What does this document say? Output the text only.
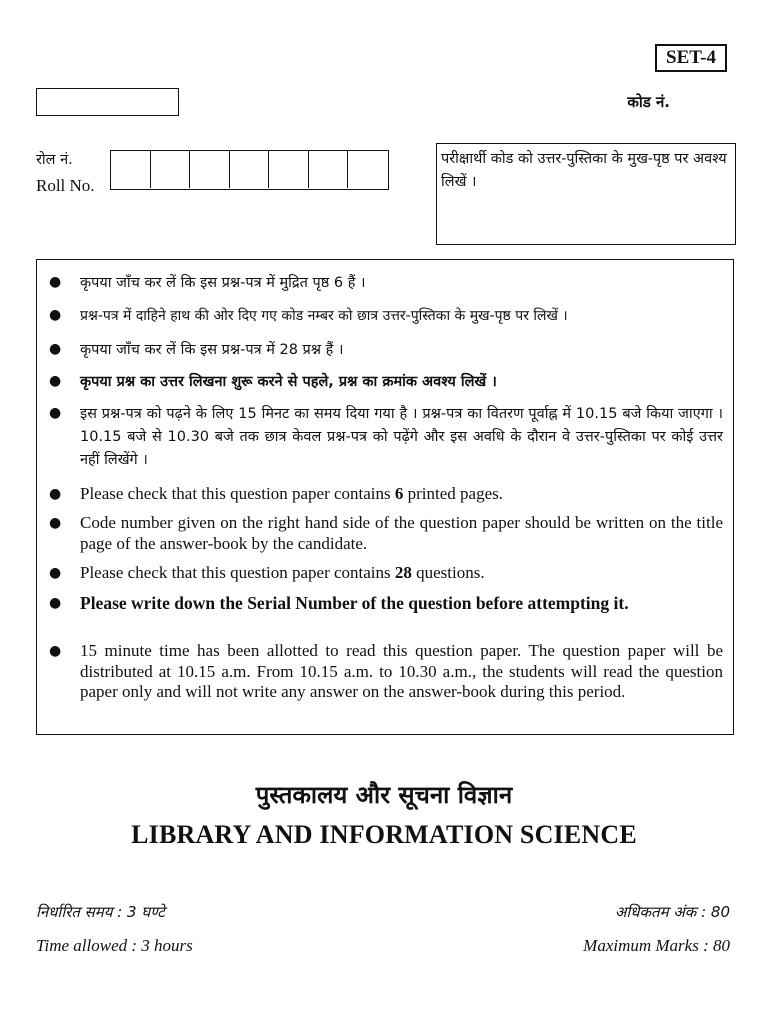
SET-4
कोड नं.
रोल नं.
Roll No.
परीक्षार्थी कोड को उत्तर-पुस्तिका के मुख-पृष्ठ पर अवश्य लिखें ।
● कृपया जाँच कर लें कि इस प्रश्न-पत्र में मुद्रित पृष्ठ 6 हैं ।
● प्रश्न-पत्र में दाहिने हाथ की ओर दिए गए कोड नम्बर को छात्र उत्तर-पुस्तिका के मुख-पृष्ठ पर लिखें ।
● कृपया जाँच कर लें कि इस प्रश्न-पत्र में 28 प्रश्न हैं ।
● कृपया प्रश्न का उत्तर लिखना शुरू करने से पहले, प्रश्न का क्रमांक अवश्य लिखें ।
● इस प्रश्न-पत्र को पढ़ने के लिए 15 मिनट का समय दिया गया है । प्रश्न-पत्र का वितरण पूर्वाह्न में 10.15 बजे किया जाएगा । 10.15 बजे से 10.30 बजे तक छात्र केवल प्रश्न-पत्र को पढ़ेंगे और इस अवधि के दौरान वे उत्तर-पुस्तिका पर कोई उत्तर नहीं लिखेंगे ।
● Please check that this question paper contains 6 printed pages.
● Code number given on the right hand side of the question paper should be written on the title page of the answer-book by the candidate.
● Please check that this question paper contains 28 questions.
● Please write down the Serial Number of the question before attempting it.
● 15 minute time has been allotted to read this question paper. The question paper will be distributed at 10.15 a.m. From 10.15 a.m. to 10.30 a.m., the students will read the question paper only and will not write any answer on the answer-book during this period.
पुस्तकालय और सूचना विज्ञान
LIBRARY AND INFORMATION SCIENCE
निर्धारित समय : 3 घण्टे	अधिकतम अंक : 80
Time allowed : 3 hours	Maximum Marks : 80
